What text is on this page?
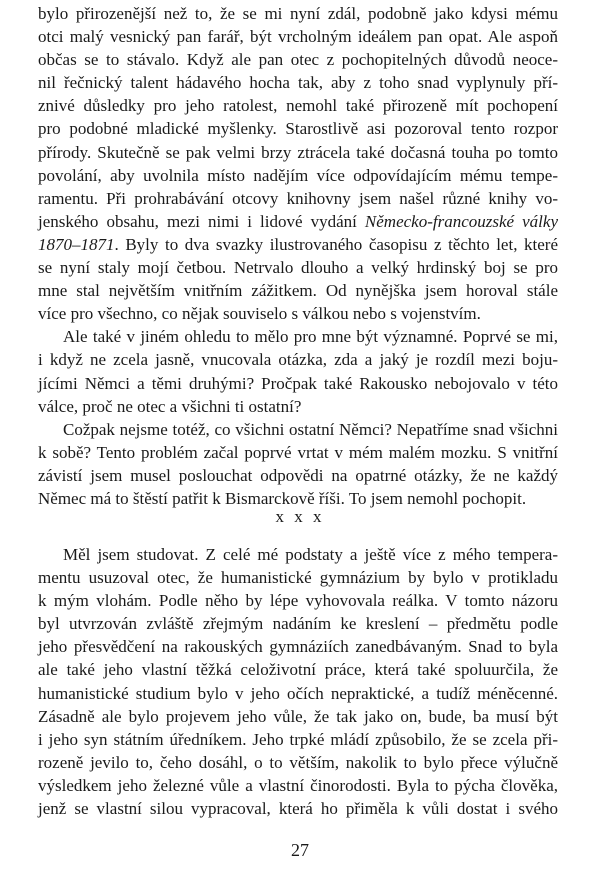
bylo přirozenější než to, že se mi nyní zdál, podobně jako kdysi mému
otci malý vesnický pan farář, být vrcholným ideálem pan opat. Ale aspoň
občas se to stávalo. Když ale pan otec z pochopitelných důvodů neoce-
nil řečnický talent hádavého hocha tak, aby z toho snad vyplynuly pří-
znivé důsledky pro jeho ratolest, nemohl také přirozeně mít pochopení
pro podobné mladické myšlenky. Starostlivě asi pozoroval tento rozpor
přírody. Skutečně se pak velmi brzy ztrácela také dočasná touha po tomto
povolání, aby uvolnila místo nadějím více odpovídajícím mému tempe-
ramentu. Při prohrabávání otcovy knihovny jsem našel různé knihy vo-
jenského obsahu, mezi nimi i lidové vydání Německo-francouzské války
1870–1871. Byly to dva svazky ilustrovaného časopisu z těchto let, které
se nyní staly mojí četbou. Netrvalo dlouho a velký hrdinský boj se pro
mne stal největším vnitřním zážitkem. Od nynějška jsem horoval stále
více pro všechno, co nějak souviselo s válkou nebo s vojenstvím.
Ale také v jiném ohledu to mělo pro mne být významné. Poprvé se mi,
i když ne zcela jasně, vnucovala otázka, zda a jaký je rozdíl mezi boju-
jícími Němci a těmi druhými? Pročpak také Rakousko nebojovalo v této
válce, proč ne otec a všichni ti ostatní?
Cožpak nejsme totéž, co všichni ostatní Němci? Nepatříme snad všichni
k sobě? Tento problém začal poprvé vrtat v mém malém mozku. S vnitřní
závistí jsem musel poslouchat odpovědi na opatrné otázky, že ne každý
Němec má to štěstí patřit k Bismarckově říši. To jsem nemohl pochopit.
x x x
Měl jsem studovat. Z celé mé podstaty a ještě více z mého tempera-
mentu usuzoval otec, že humanistické gymnázium by bylo v protikladu
k mým vlohám. Podle něho by lépe vyhovovala reálka. V tomto názoru
byl utvrzován zvláště zřejmým nadáním ke kreslení – předmětu podle
jeho přesvědčení na rakouských gymnáziích zanedbávaným. Snad to byla
ale také jeho vlastní těžká celoživotní práce, která také spoluurčila, že
humanistické studium bylo v jeho očích nepraktické, a tudíž méněcenné.
Zásadně ale bylo projevem jeho vůle, že tak jako on, bude, ba musí být
i jeho syn státním úředníkem. Jeho trpké mládí způsobilo, že se zcela při-
rozeně jevilo to, čeho dosáhl, o to větším, nakolik to bylo přece výlučně
výsledkem jeho železné vůle a vlastní činorodosti. Byla to pýcha člověka,
jenž se vlastní silou vypracoval, která ho přiměla k vůli dostat i svého
27
